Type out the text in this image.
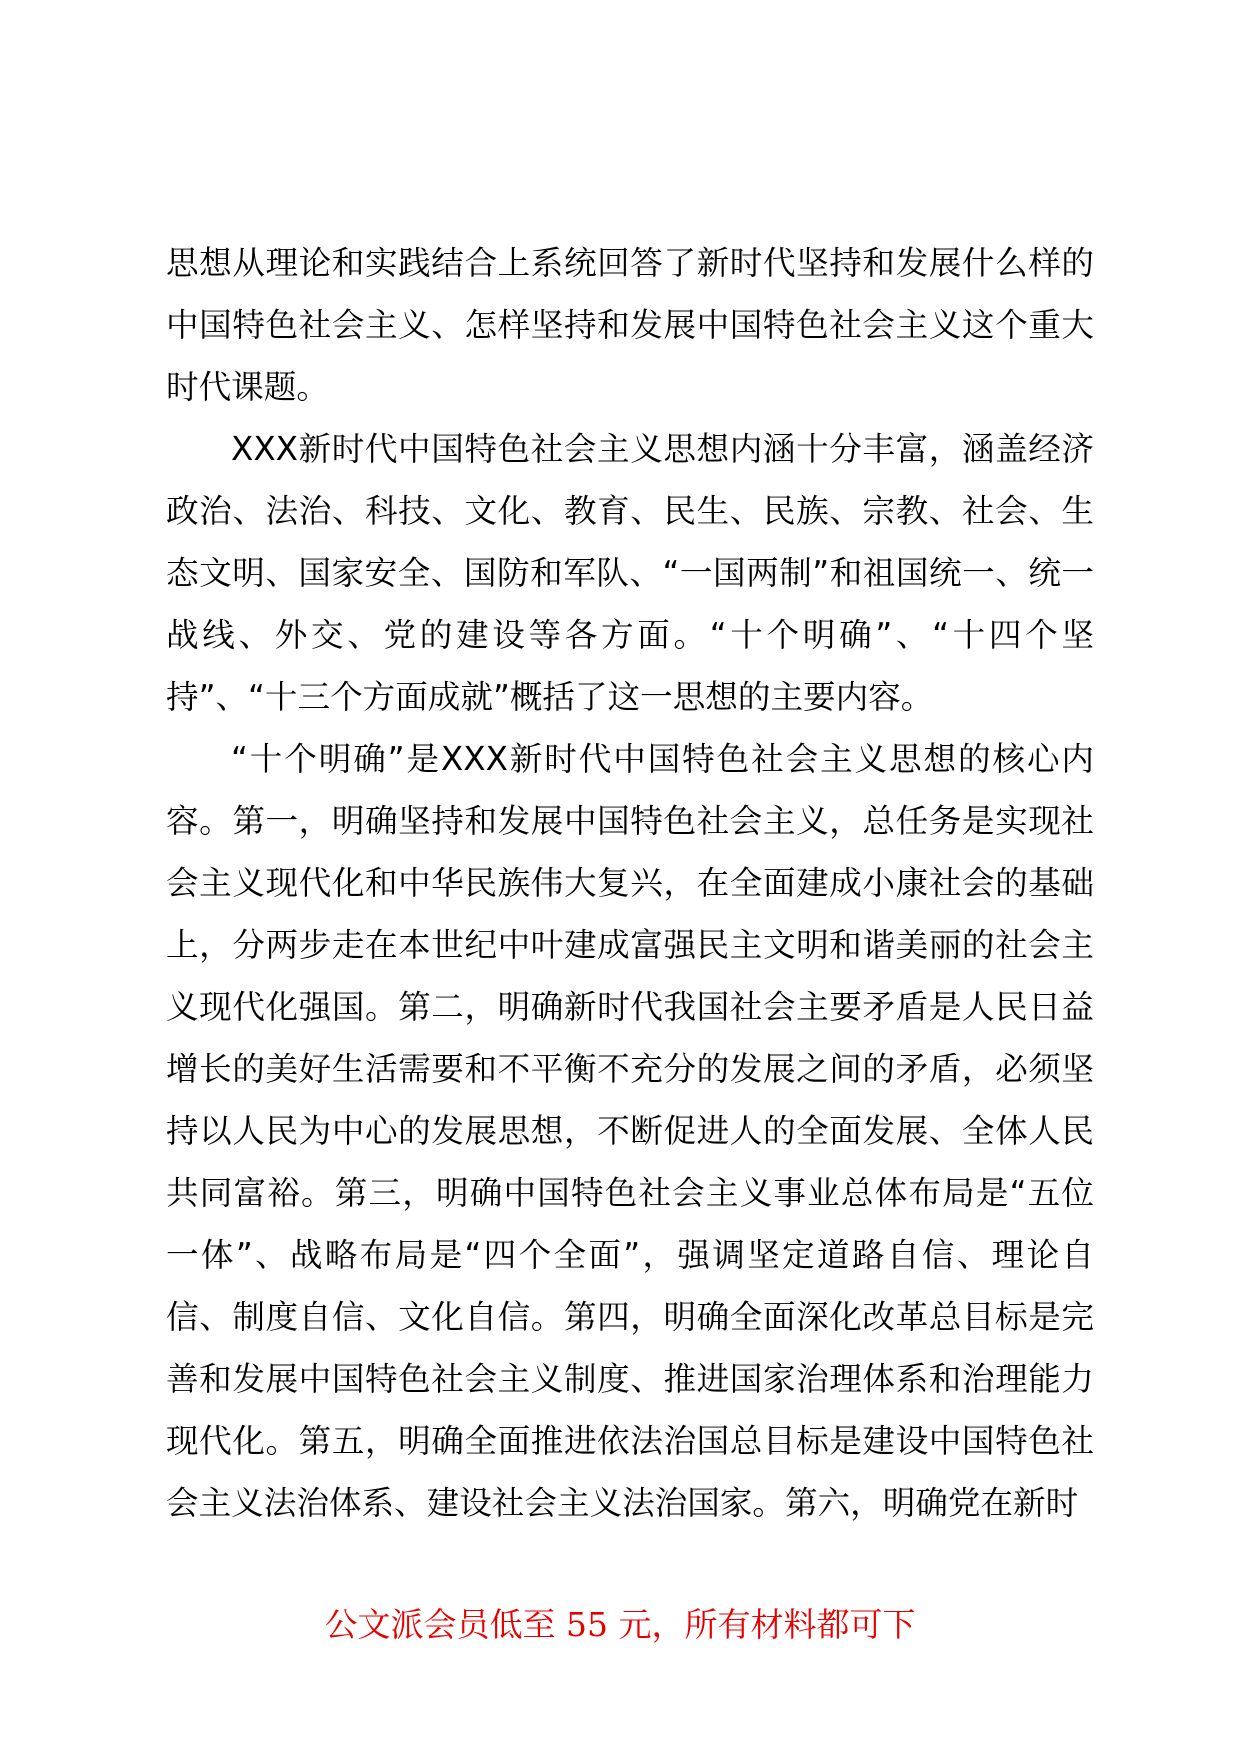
思想从理论和实践结合上系统回答了新时代坚持和发展什么样的中国特色社会主义、怎样坚持和发展中国特色社会主义这个重大时代课题。

XXX新时代中国特色社会主义思想内涵十分丰富，涵盖经济政治、法治、科技、文化、教育、民生、民族、宗教、社会、生态文明、国家安全、国防和军队、“一国两制”和祖国统一、统一战线、外交、党的建设等各方面。“十个明确”、“十四个坚持”、“十三个方面成就”概括了这一思想的主要内容。

“十个明确”是XXX新时代中国特色社会主义思想的核心内容。第一，明确坚持和发展中国特色社会主义，总任务是实现社会主义现代化和中华民族伟大复兴，在全面建成小康社会的基础上，分两步走在本世纪中叶建成富强民主文明和谐美丽的社会主义现代化强国。第二，明确新时代我国社会主要矛盾是人民日益增长的美好生活需要和不平衡不充分的发展之间的矛盾，必须坚持以人民为中心的发展思想，不断促进人的全面发展、全体人民共同富裕。第三，明确中国特色社会主义事业总体布局是“五位一体”、战略布局是“四个全面”，强调坚定道路自信、理论自信、制度自信、文化自信。第四，明确全面深化改革总目标是完善和发展中国特色社会主义制度、推进国家治理体系和治理能力现代化。第五，明确全面推进依法治国总目标是建设中国特色社会主义法治体系、建设社会主义法治国家。第六，明确党在新时

公文派会员低至 55 元，所有材料都可下
